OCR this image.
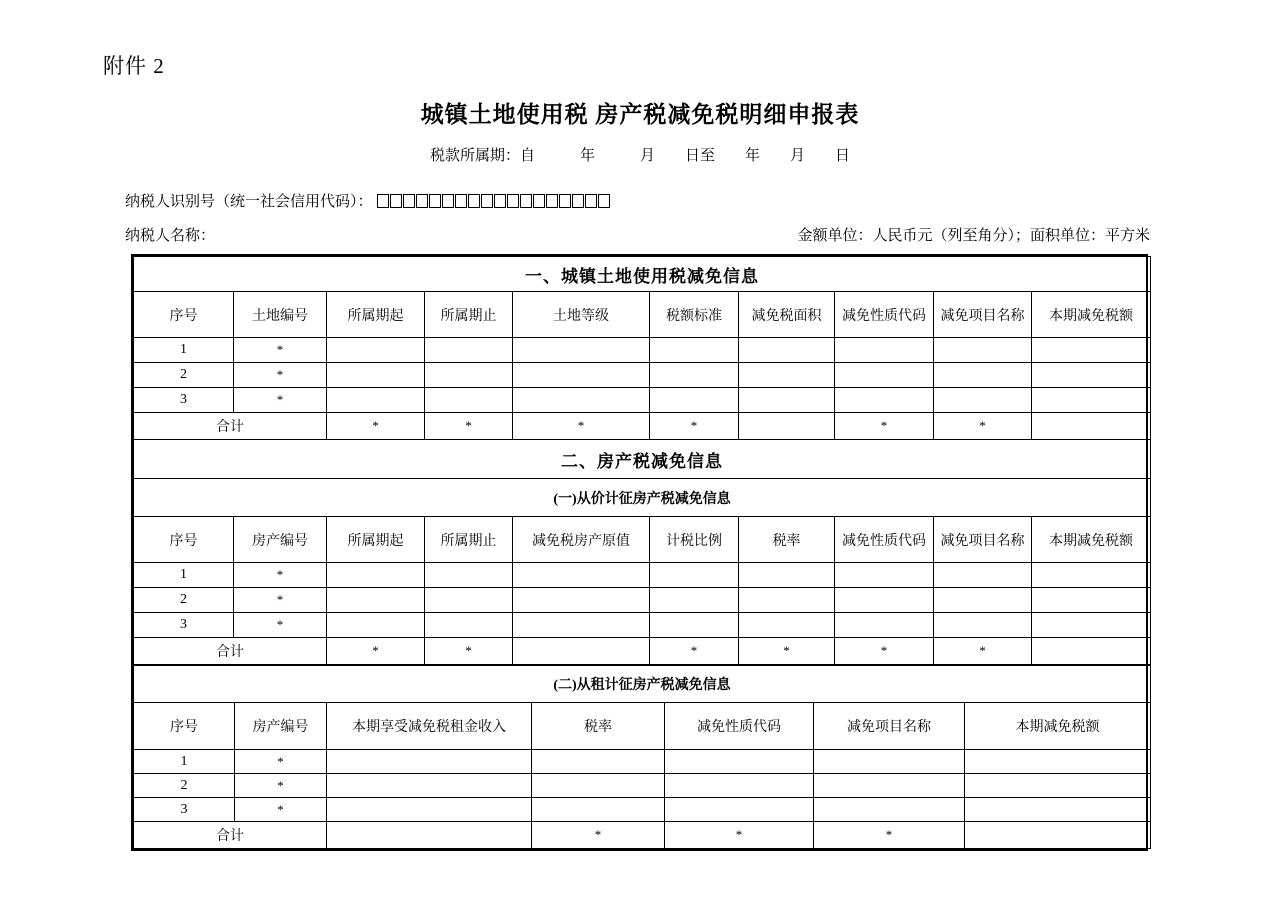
附件 2
城镇土地使用税 房产税减免税明细申报表
税款所属期：自　　　年　　　月　　日至　　年　　月　　日
纳税人识别号（统一社会信用代码）：
纳税人名称：	金额单位：人民币元（列至角分）；面积单位：平方米
一、城镇土地使用税减免信息									
序号	土地编号	所属期起	所属期止	土地等级	税额标准	减免税面积	减免性质代码	减免项目名称	本期减免税额
1	*								
2	*								
3	*								
合计		*	*	*	*		*	*	
二、房产税减免信息									
(一)从价计征房产税减免信息									
序号	房产编号	所属期起	所属期止	减免税房产原值	计税比例	税率	减免性质代码	减免项目名称	本期减免税额
1	*								
2	*								
3	*								
合计		*	*		*	*	*	*	
(二)从租计征房产税减免信息						
序号	房产编号	本期享受减免税租金收入	税率	减免性质代码	减免项目名称	本期减免税额
1	*					
2	*					
3	*					
合计			*	*	*	
